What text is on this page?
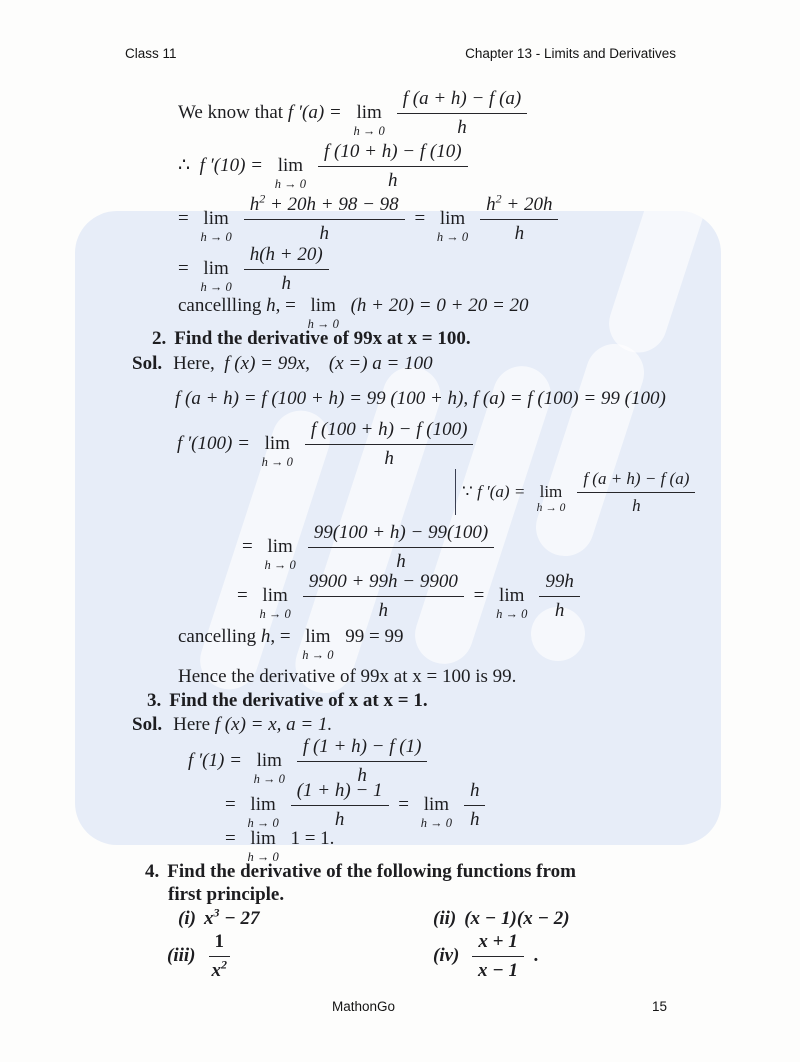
Class 11	Chapter 13 - Limits and Derivatives
We know that f ′(a) = lim
$h \to 0 \frac{f (a + h) - f (a)}{h}$
∴ f ′(10) = lim
$h \to 0 \frac{f (10 + h) - f (10)}{h}$
= lim
$h \to 0 \frac{h^2 + 20h + 98 - 98}{h} = \lim$
$h \to 0 \frac{h^2 + 20h}{h}$
= lim
$h \to 0 \frac{h(h + 20)}{h}$
cancellling h , = lim
h → 0
(h + 20) = 0 + 20 = 20
2. Find the derivative of 99x at x = 100.
Sol. Here, f (x) = 99x,    (x =) a = 100
f (a + h) = f (100 + h) = 99 (100 + h), f (a) = f (100) = 99 (100)
f ′(100) = lim
$h \to 0 \frac{f (100 + h) - f (100)}{h}$
∵ f ′(a) = lim
$h \to 0 \frac{f (a + h) - f (a)}{h}$
= lim
$h \to 0 \frac{99(100 + h) - 99(100)}{h}$
= lim
$h \to 0 \frac{9900 + 99h - 9900}{h} = \lim$
$h \to 0 \frac{99h}{h}$
cancelling h , = lim
h → 0
99 = 99
Hence the derivative of 99x at x = 100 is 99.
3. Find the derivative of x at x = 1.
Sol. Here f (x) = x, a = 1.
f ′(1) = lim
$h \to 0 \frac{f (1 + h) - f (1)}{h}$
= lim
$h \to 0 \frac{(1 + h) - 1}{h} = \lim$
$h \to 0 \frac{h}{h}$
= lim
h → 0
1 = 1.
4. Find the derivative of the following functions from
first principle.
(i) $x^3 - 27$	(ii) (x − 1)(x − 2)
$(iii) \frac{1}{x^2}$	$(iv) \frac{x + 1}{x - 1}$ .
MathonGo	15
